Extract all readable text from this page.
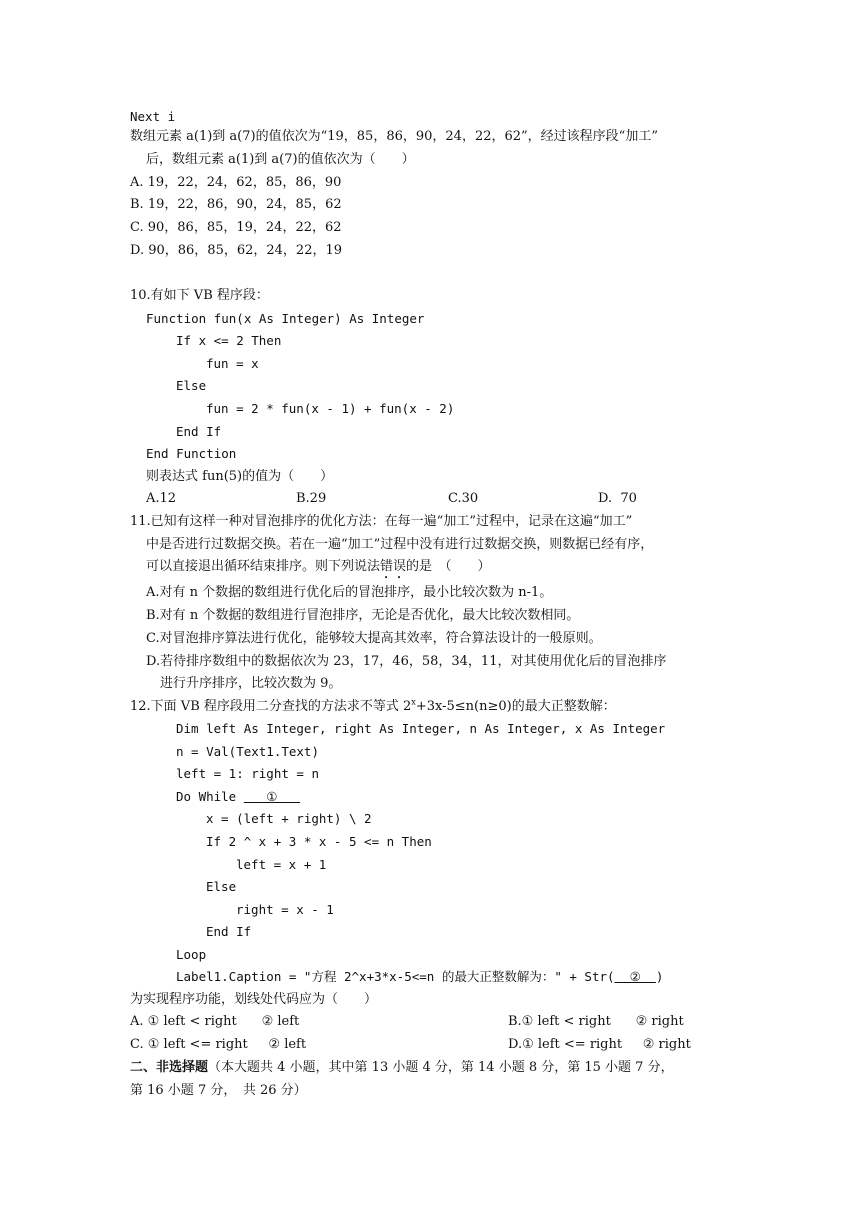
Next i
数组元素 a(1)到 a(7)的值依次为“19，85，86，90，24，22，62”，经过该程序段“加工”
后，数组元素 a(1)到 a(7)的值依次为（　　）
A. 19，22，24，62，85，86，90
B. 19，22，86，90，24，85，62
C. 90，86，85，19，24，22，62
D. 90，86，85，62，24，22，19
10.有如下 VB 程序段：
Function fun(x As Integer) As Integer
If x <= 2 Then
fun = x
Else
fun = 2 * fun(x - 1) + fun(x - 2)
End If
End Function
则表达式 fun(5)的值为（　　）
A.12	B.29	C.30	D.  70
11.已知有这样一种对冒泡排序的优化方法：在每一遍“加工”过程中，记录在这遍“加工”
中是否进行过数据交换。若在一遍“加工”过程中没有进行过数据交换，则数据已经有序，
可以直接退出循环结束排序。则下列说法错误的是　（　　）
A.对有 n 个数据的数组进行优化后的冒泡排序，最小比较次数为 n-1。
B.对有 n 个数据的数组进行冒泡排序，无论是否优化，最大比较次数相同。
C.对冒泡排序算法进行优化，能够较大提高其效率，符合算法设计的一般原则。
D.若待排序数组中的数据依次为 23，17，46，58，34，11，对其使用优化后的冒泡排序
进行升序排序，比较次数为 9。
12.下面 VB 程序段用二分查找的方法求不等式 $2^x+3x-5\le n(n\ge 0)$的最大正整数解：
Dim left As Integer, right As Integer, n As Integer, x As Integer
n = Val(Text1.Text)
left = 1: right = n
Do While    ①
x = (left + right) \ 2
If 2 ^ x + 3 * x - 5 <= n Then
left = x + 1
Else
right = x - 1
End If
Loop
Label1.Caption = "方程 2^x+3*x-5<=n 的最大正整数解为：" + Str(  ②  )
为实现程序功能，划线处代码应为（　　）
A. ① left < right      ② left	B.① left < right      ② right
C. ① left <= right     ② left	D.① left <= right     ② right
二、非选择题（本大题共 4 小题，其中第 13 小题 4 分，第 14 小题 8 分，第 15 小题 7 分，
第 16 小题 7 分，　共 26 分）
